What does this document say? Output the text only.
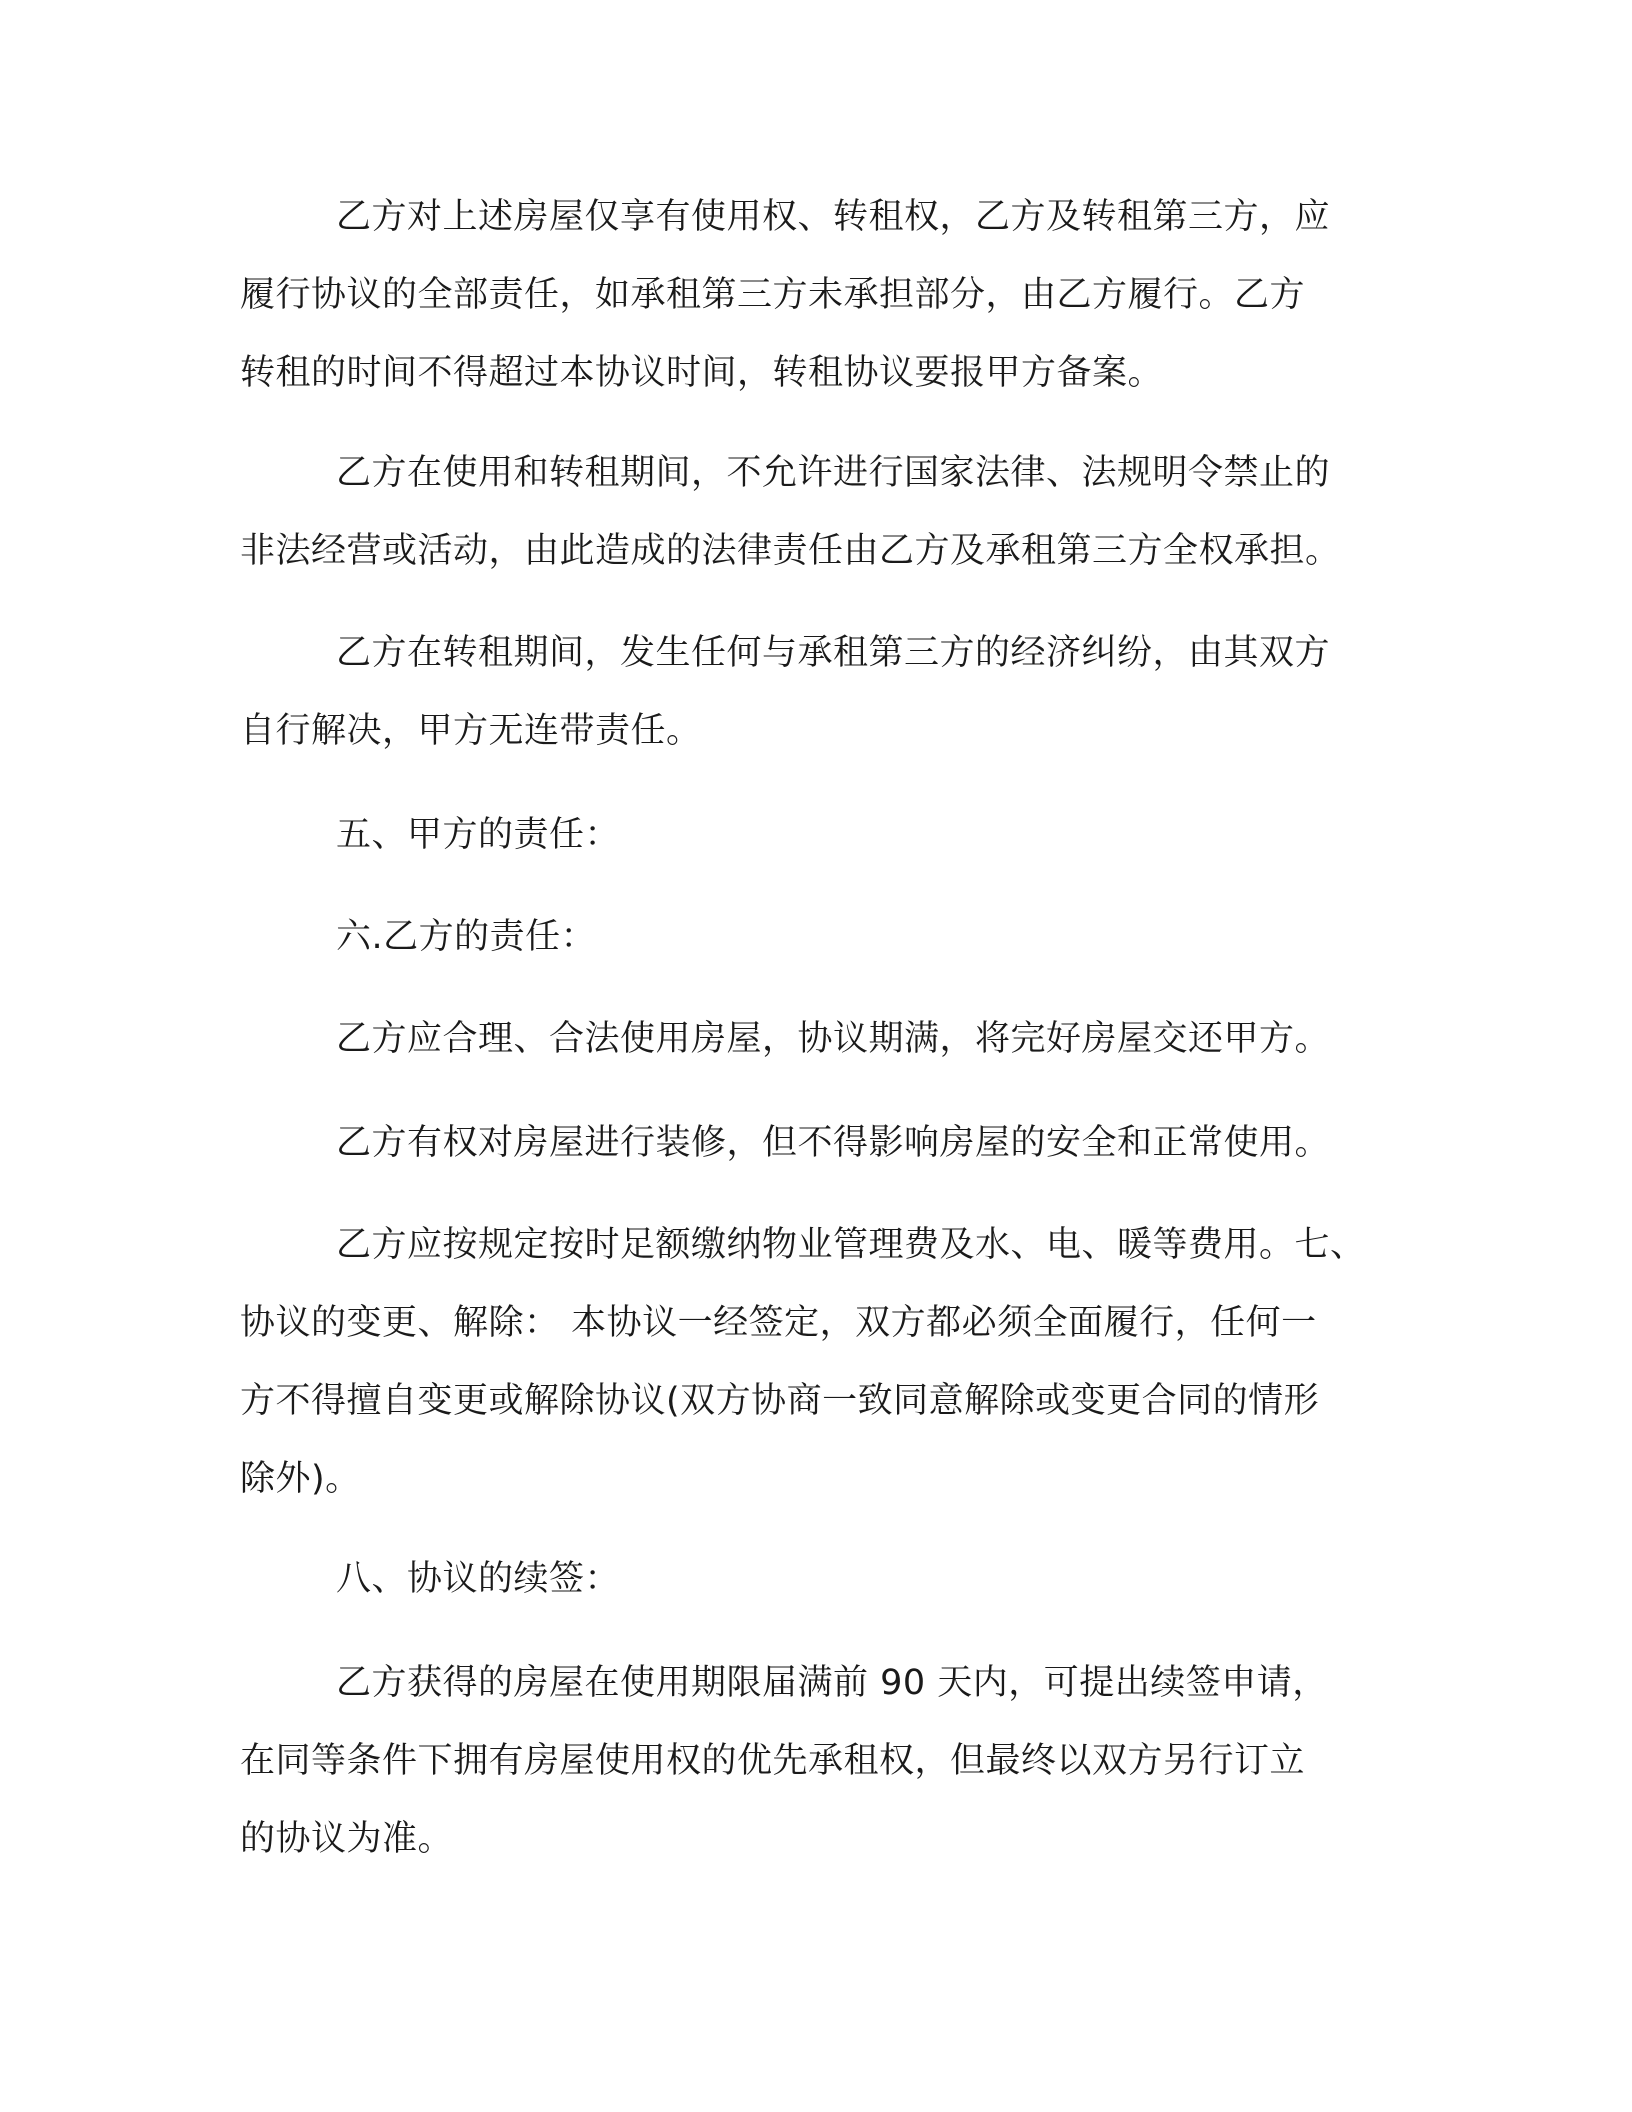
乙方对上述房屋仅享有使用权、转租权，乙方及转租第三方，应
履行协议的全部责任，如承租第三方未承担部分，由乙方履行。乙方
转租的时间不得超过本协议时间，转租协议要报甲方备案。

乙方在使用和转租期间，不允许进行国家法律、法规明令禁止的
非法经营或活动，由此造成的法律责任由乙方及承租第三方全权承担。

乙方在转租期间，发生任何与承租第三方的经济纠纷，由其双方
自行解决，甲方无连带责任。

五、甲方的责任：

六.乙方的责任：

乙方应合理、合法使用房屋，协议期满，将完好房屋交还甲方。

乙方有权对房屋进行装修，但不得影响房屋的安全和正常使用。

乙方应按规定按时足额缴纳物业管理费及水、电、暖等费用。七、
协议的变更、解除： 本协议一经签定，双方都必须全面履行，任何一
方不得擅自变更或解除协议(双方协商一致同意解除或变更合同的情形
除外)。

八、协议的续签：

乙方获得的房屋在使用期限届满前 90 天内，可提出续签申请，
在同等条件下拥有房屋使用权的优先承租权，但最终以双方另行订立
的协议为准。
